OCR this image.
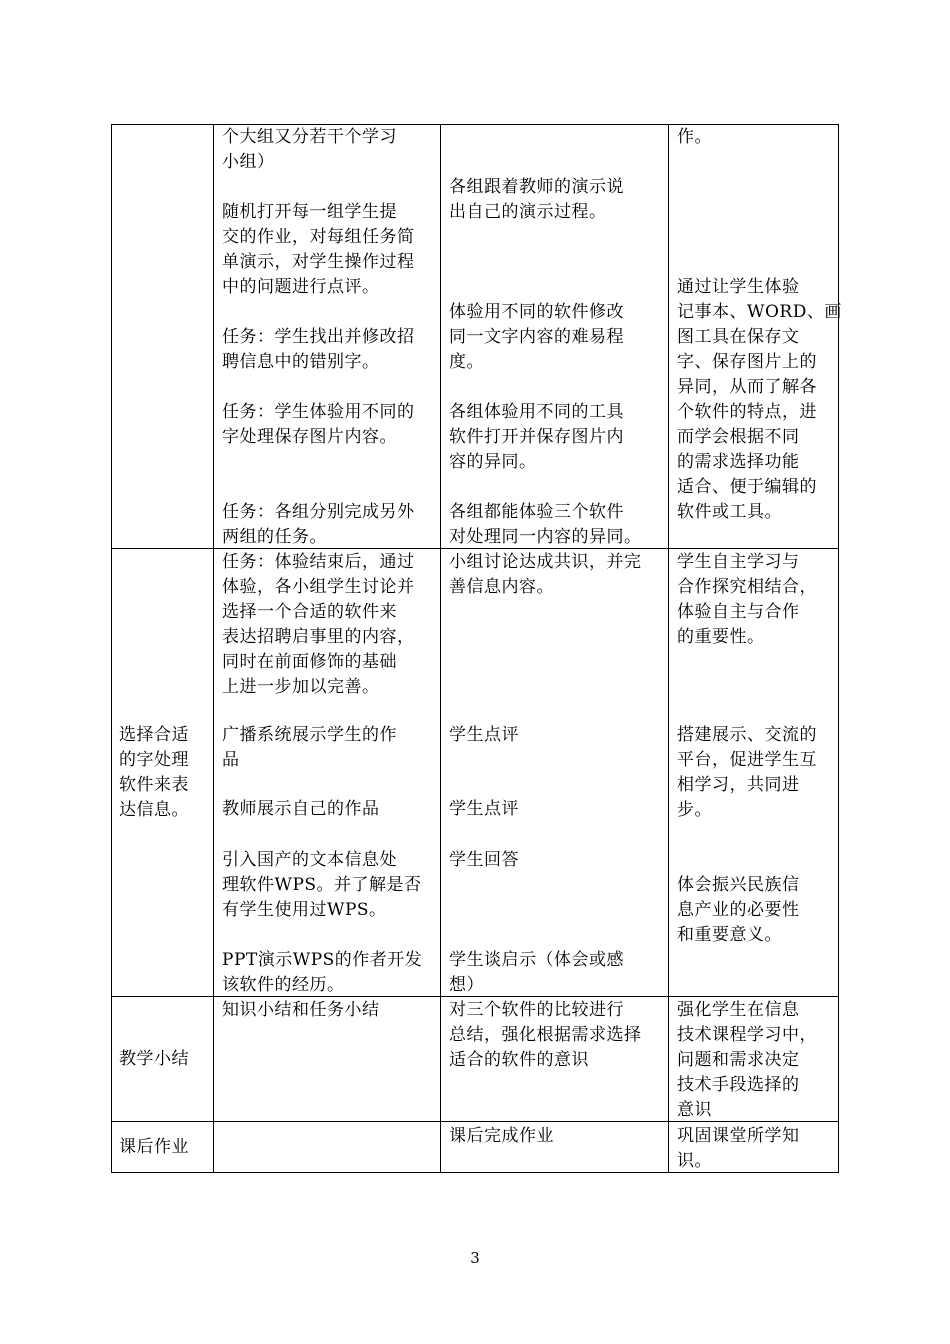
选择合适
的字处理
软件来表
达信息。
教学小结
课后作业
个大组又分若干个学习
小组）
随机打开每一组学生提
交的作业，对每组任务简
单演示，对学生操作过程
中的问题进行点评。
任务：学生找出并修改招
聘信息中的错别字。
任务：学生体验用不同的
字处理保存图片内容。
任务：各组分别完成另外
两组的任务。
任务：体验结束后，通过
体验，各小组学生讨论并
选择一个合适的软件来
表达招聘启事里的内容，
同时在前面修饰的基础
上进一步加以完善。
广播系统展示学生的作
品
教师展示自己的作品
引入国产的文本信息处
理软件WPS。并了解是否
有学生使用过WPS。
PPT演示WPS的作者开发
该软件的经历。
知识小结和任务小结
各组跟着教师的演示说
出自己的演示过程。
体验用不同的软件修改
同一文字内容的难易程
度。
各组体验用不同的工具
软件打开并保存图片内
容的异同。
各组都能体验三个软件
对处理同一内容的异同。
小组讨论达成共识，并完
善信息内容。
学生点评
学生点评
学生回答
学生谈启示（体会或感
想）
对三个软件的比较进行
总结，强化根据需求选择
适合的软件的意识
课后完成作业
作。
通过让学生体验
记事本、WORD、画
图工具在保存文
字、保存图片上的
异同，从而了解各
个软件的特点，进
而学会根据不同
的需求选择功能
适合、便于编辑的
软件或工具。
学生自主学习与
合作探究相结合，
体验自主与合作
的重要性。
搭建展示、交流的
平台，促进学生互
相学习，共同进
步。
体会振兴民族信
息产业的必要性
和重要意义。
强化学生在信息
技术课程学习中，
问题和需求决定
技术手段选择的
意识
巩固课堂所学知
识。
3
